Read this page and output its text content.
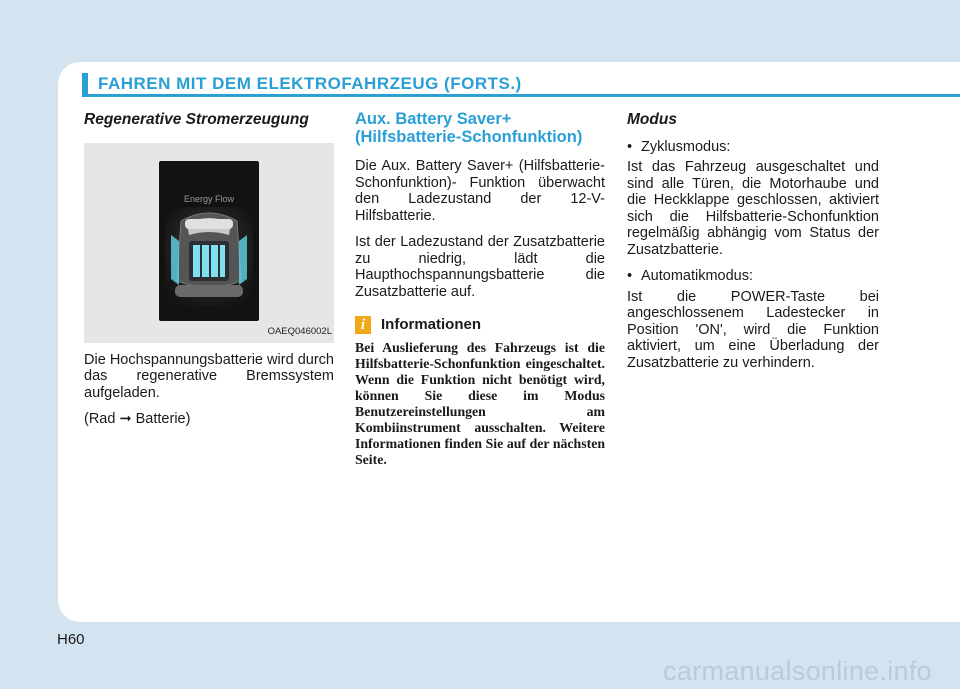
FAHREN MIT DEM ELEKTROFAHRZEUG (FORTS.)
Regenerative Stromerzeugung
Energy Flow
OAEQ046002L

Die Hochspannungsbatterie wird durch das regenerative Bremssystem aufgeladen.

(Rad ➞ Batterie)

Aux. Battery Saver+ (Hilfsbatterie-Schonfunktion)

Die Aux. Battery Saver+ (Hilfsbatterie-Schonfunktion)- Funktion überwacht den Ladezustand der 12-V-Hilfsbatterie.

Ist der Ladezustand der Zusatzbatterie zu niedrig, lädt die Haupthochspannungsbatterie die Zusatzbatterie auf.

i	Informationen
Bei Auslieferung des Fahrzeugs ist die Hilfsbatterie-Schonfunktion eingeschaltet. Wenn die Funktion nicht benötigt wird, können Sie diese im Modus Benutzereinstellungen am Kombiinstrument ausschalten. Weitere Informationen finden Sie auf der nächsten Seite.
Modus
• Zyklusmodus:

Ist das Fahrzeug ausgeschaltet und sind alle Türen, die Motorhaube und die Heckklappe geschlossen, aktiviert sich die Hilfsbatterie-Schonfunktion regelmäßig abhängig vom Status der Zusatzbatterie.

• Automatikmodus:

Ist die POWER-Taste bei angeschlossenem Ladestecker in Position 'ON', wird die Funktion aktiviert, um eine Überladung der Zusatzbatterie zu verhindern.

H60
carmanualsonline.info
